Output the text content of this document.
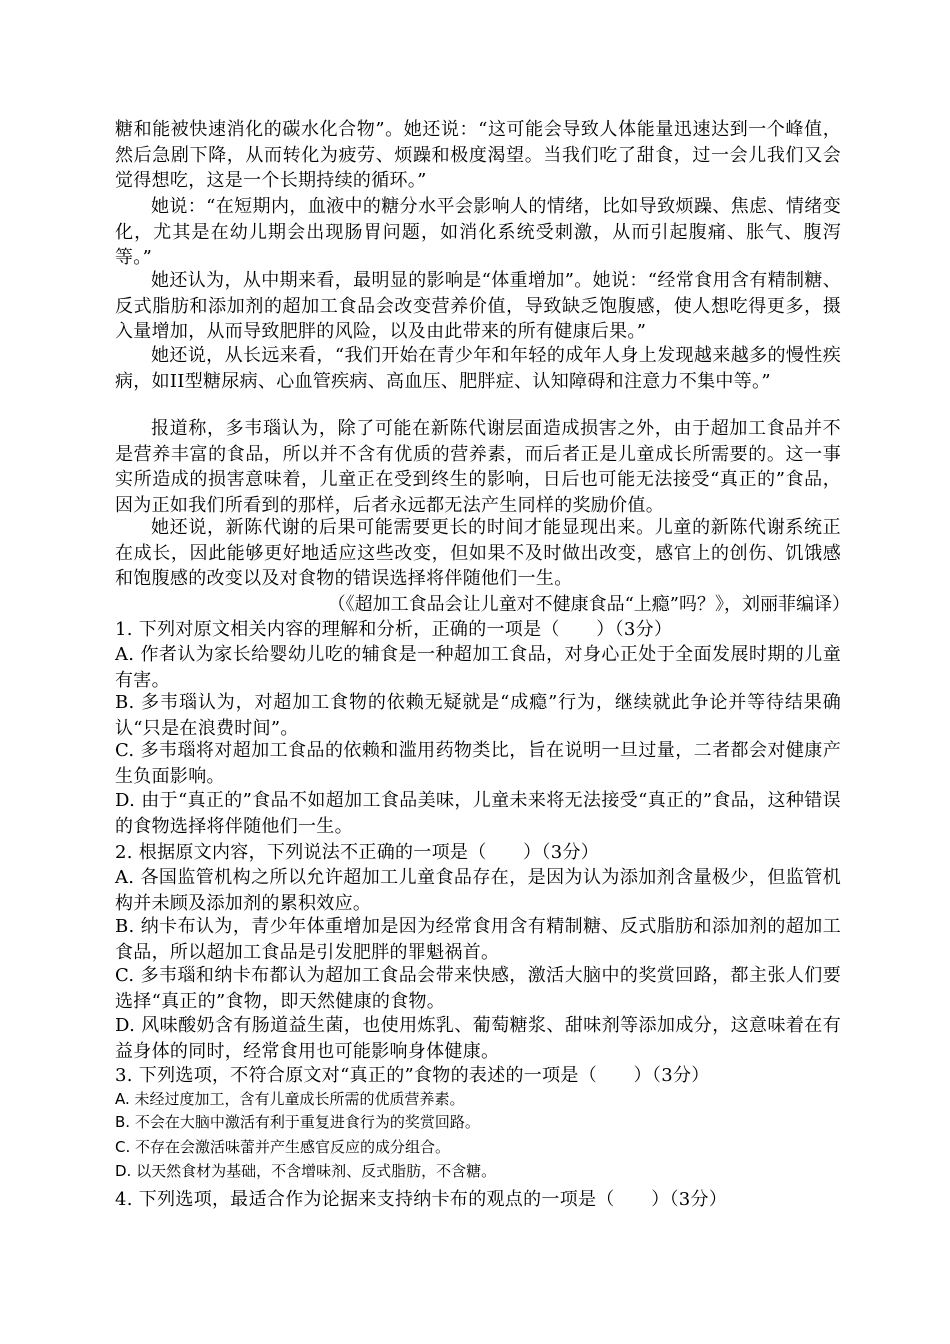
糖和能被快速消化的碳水化合物”。她还说：“这可能会导致人体能量迅速达到一个峰值，然后急剧下降，从而转化为疲劳、烦躁和极度渴望。当我们吃了甜食，过一会儿我们又会觉得想吃，这是一个长期持续的循环。”

她说：“在短期内，血液中的糖分水平会影响人的情绪，比如导致烦躁、焦虑、情绪变化，尤其是在幼儿期会出现肠胃问题，如消化系统受刺激，从而引起腹痛、胀气、腹泻等。”

她还认为，从中期来看，最明显的影响是“体重增加”。她说：“经常食用含有精制糖、反式脂肪和添加剂的超加工食品会改变营养价值，导致缺乏饱腹感，使人想吃得更多，摄入量增加，从而导致肥胖的风险，以及由此带来的所有健康后果。”

她还说，从长远来看，“我们开始在青少年和年轻的成年人身上发现越来越多的慢性疾病，如II型糖尿病、心血管疾病、高血压、肥胖症、认知障碍和注意力不集中等。”

报道称，多韦瑙认为，除了可能在新陈代谢层面造成损害之外，由于超加工食品并不是营养丰富的食品，所以并不含有优质的营养素，而后者正是儿童成长所需要的。这一事实所造成的损害意味着，儿童正在受到终生的影响，日后也可能无法接受“真正的”食品，因为正如我们所看到的那样，后者永远都无法产生同样的奖励价值。

她还说，新陈代谢的后果可能需要更长的时间才能显现出来。儿童的新陈代谢系统正在成长，因此能够更好地适应这些改变，但如果不及时做出改变，感官上的创伤、饥饿感和饱腹感的改变以及对食物的错误选择将伴随他们一生。

（《超加工食品会让儿童对不健康食品“上瘾”吗？》，刘丽菲编译）

1. 下列对原文相关内容的理解和分析，正确的一项是（　　）（3分）

A. 作者认为家长给婴幼儿吃的辅食是一种超加工食品，对身心正处于全面发展时期的儿童有害。

B. 多韦瑙认为，对超加工食物的依赖无疑就是“成瘾”行为，继续就此争论并等待结果确认“只是在浪费时间”。

C. 多韦瑙将对超加工食品的依赖和滥用药物类比，旨在说明一旦过量，二者都会对健康产生负面影响。

D. 由于“真正的”食品不如超加工食品美味，儿童未来将无法接受“真正的”食品，这种错误的食物选择将伴随他们一生。

2. 根据原文内容，下列说法不正确的一项是（　　）（3分）

A. 各国监管机构之所以允许超加工儿童食品存在，是因为认为添加剂含量极少，但监管机构并未顾及添加剂的累积效应。

B. 纳卡布认为，青少年体重增加是因为经常食用含有精制糖、反式脂肪和添加剂的超加工食品，所以超加工食品是引发肥胖的罪魁祸首。

C. 多韦瑙和纳卡布都认为超加工食品会带来快感，激活大脑中的奖赏回路，都主张人们要选择“真正的”食物，即天然健康的食物。

D. 风味酸奶含有肠道益生菌，也使用炼乳、葡萄糖浆、甜味剂等添加成分，这意味着在有益身体的同时，经常食用也可能影响身体健康。

3. 下列选项，不符合原文对“真正的”食物的表述的一项是（　　）（3分）

A. 未经过度加工，含有儿童成长所需的优质营养素。

B. 不会在大脑中激活有利于重复进食行为的奖赏回路。

C. 不存在会激活味蕾并产生感官反应的成分组合。

D. 以天然食材为基础，不含增味剂、反式脂肪，不含糖。

4. 下列选项，最适合作为论据来支持纳卡布的观点的一项是（　　）（3分）
